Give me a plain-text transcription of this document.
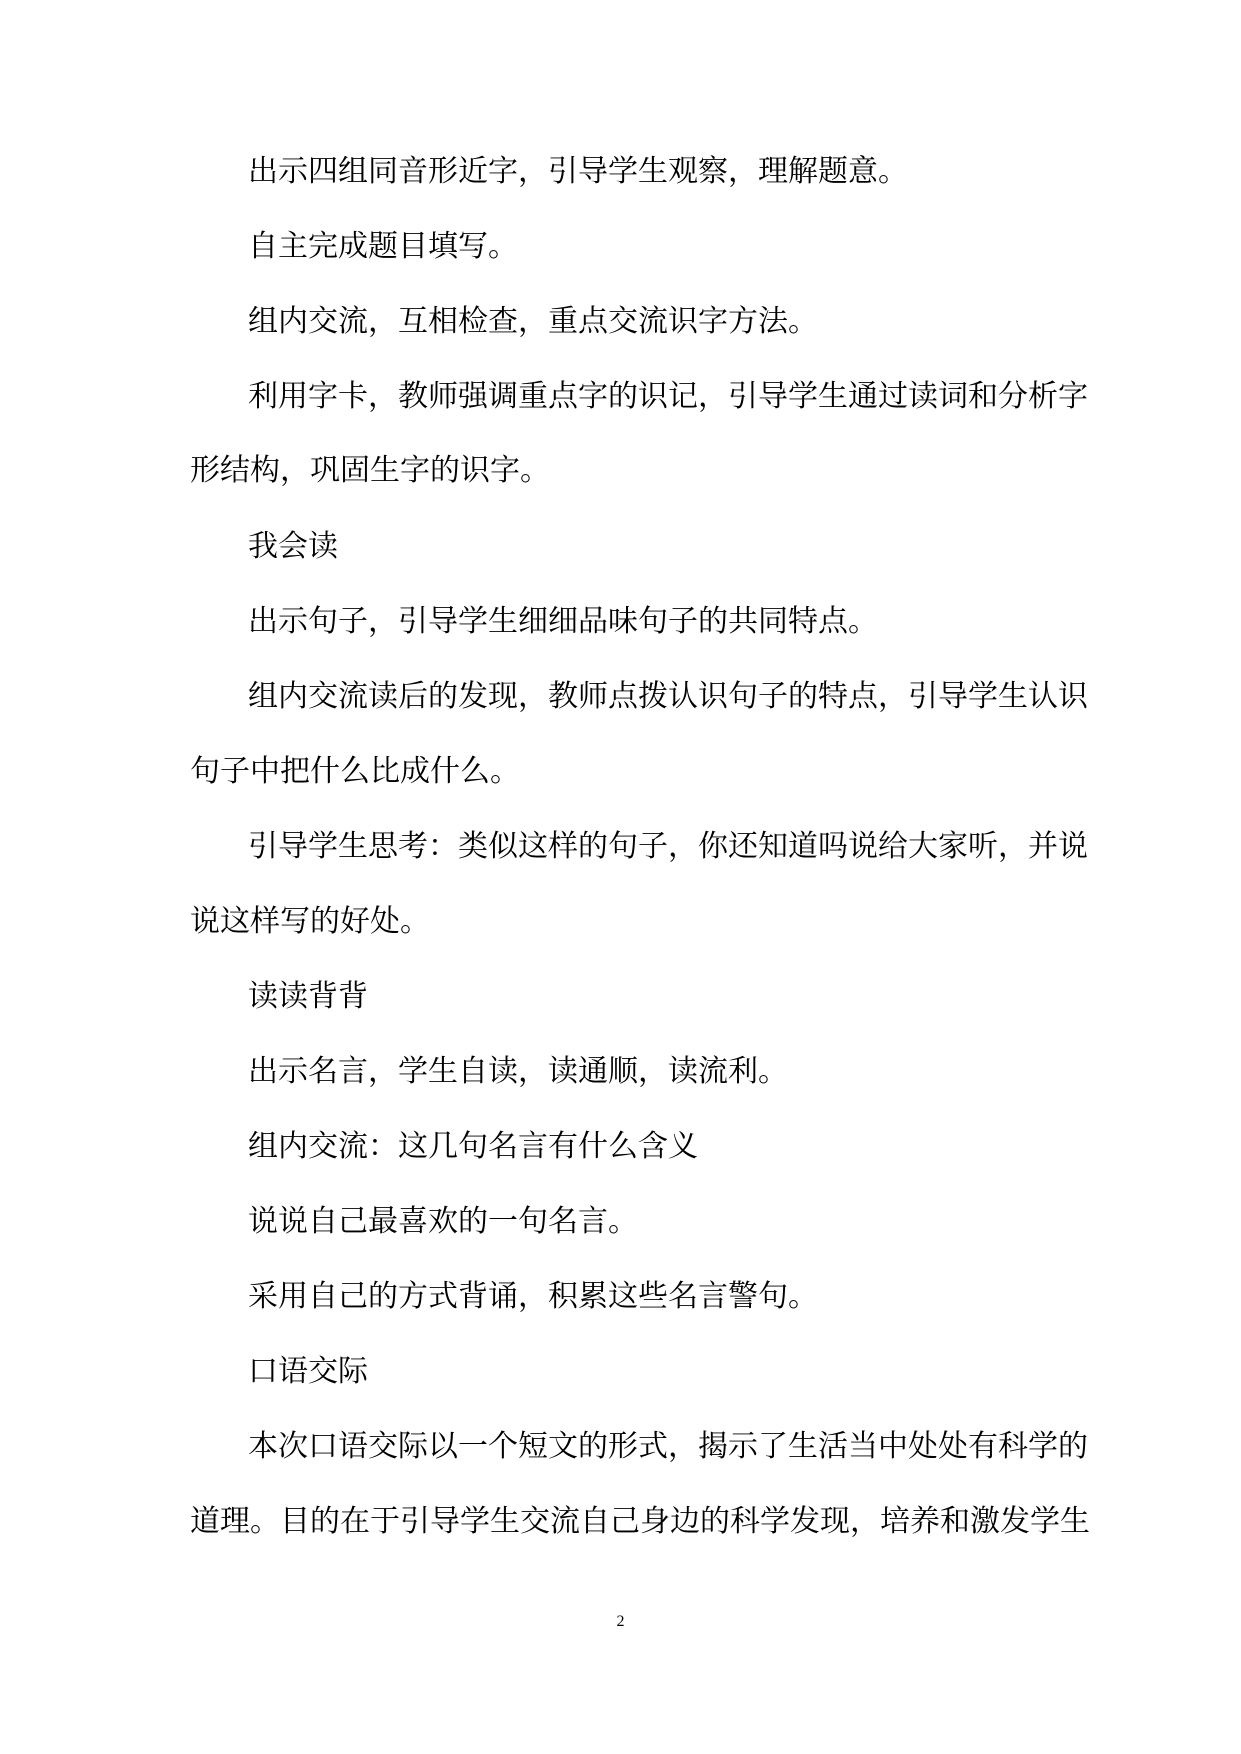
出示四组同音形近字，引导学生观察，理解题意。
自主完成题目填写。
组内交流，互相检查，重点交流识字方法。
利用字卡，教师强调重点字的识记，引导学生通过读词和分析字
形结构，巩固生字的识字。
我会读
出示句子，引导学生细细品味句子的共同特点。
组内交流读后的发现，教师点拨认识句子的特点，引导学生认识
句子中把什么比成什么。
引导学生思考：类似这样的句子，你还知道吗说给大家听，并说
说这样写的好处。
读读背背
出示名言，学生自读，读通顺，读流利。
组内交流：这几句名言有什么含义
说说自己最喜欢的一句名言。
采用自己的方式背诵，积累这些名言警句。
口语交际
本次口语交际以一个短文的形式，揭示了生活当中处处有科学的
道理。目的在于引导学生交流自己身边的科学发现，培养和激发学生
2
